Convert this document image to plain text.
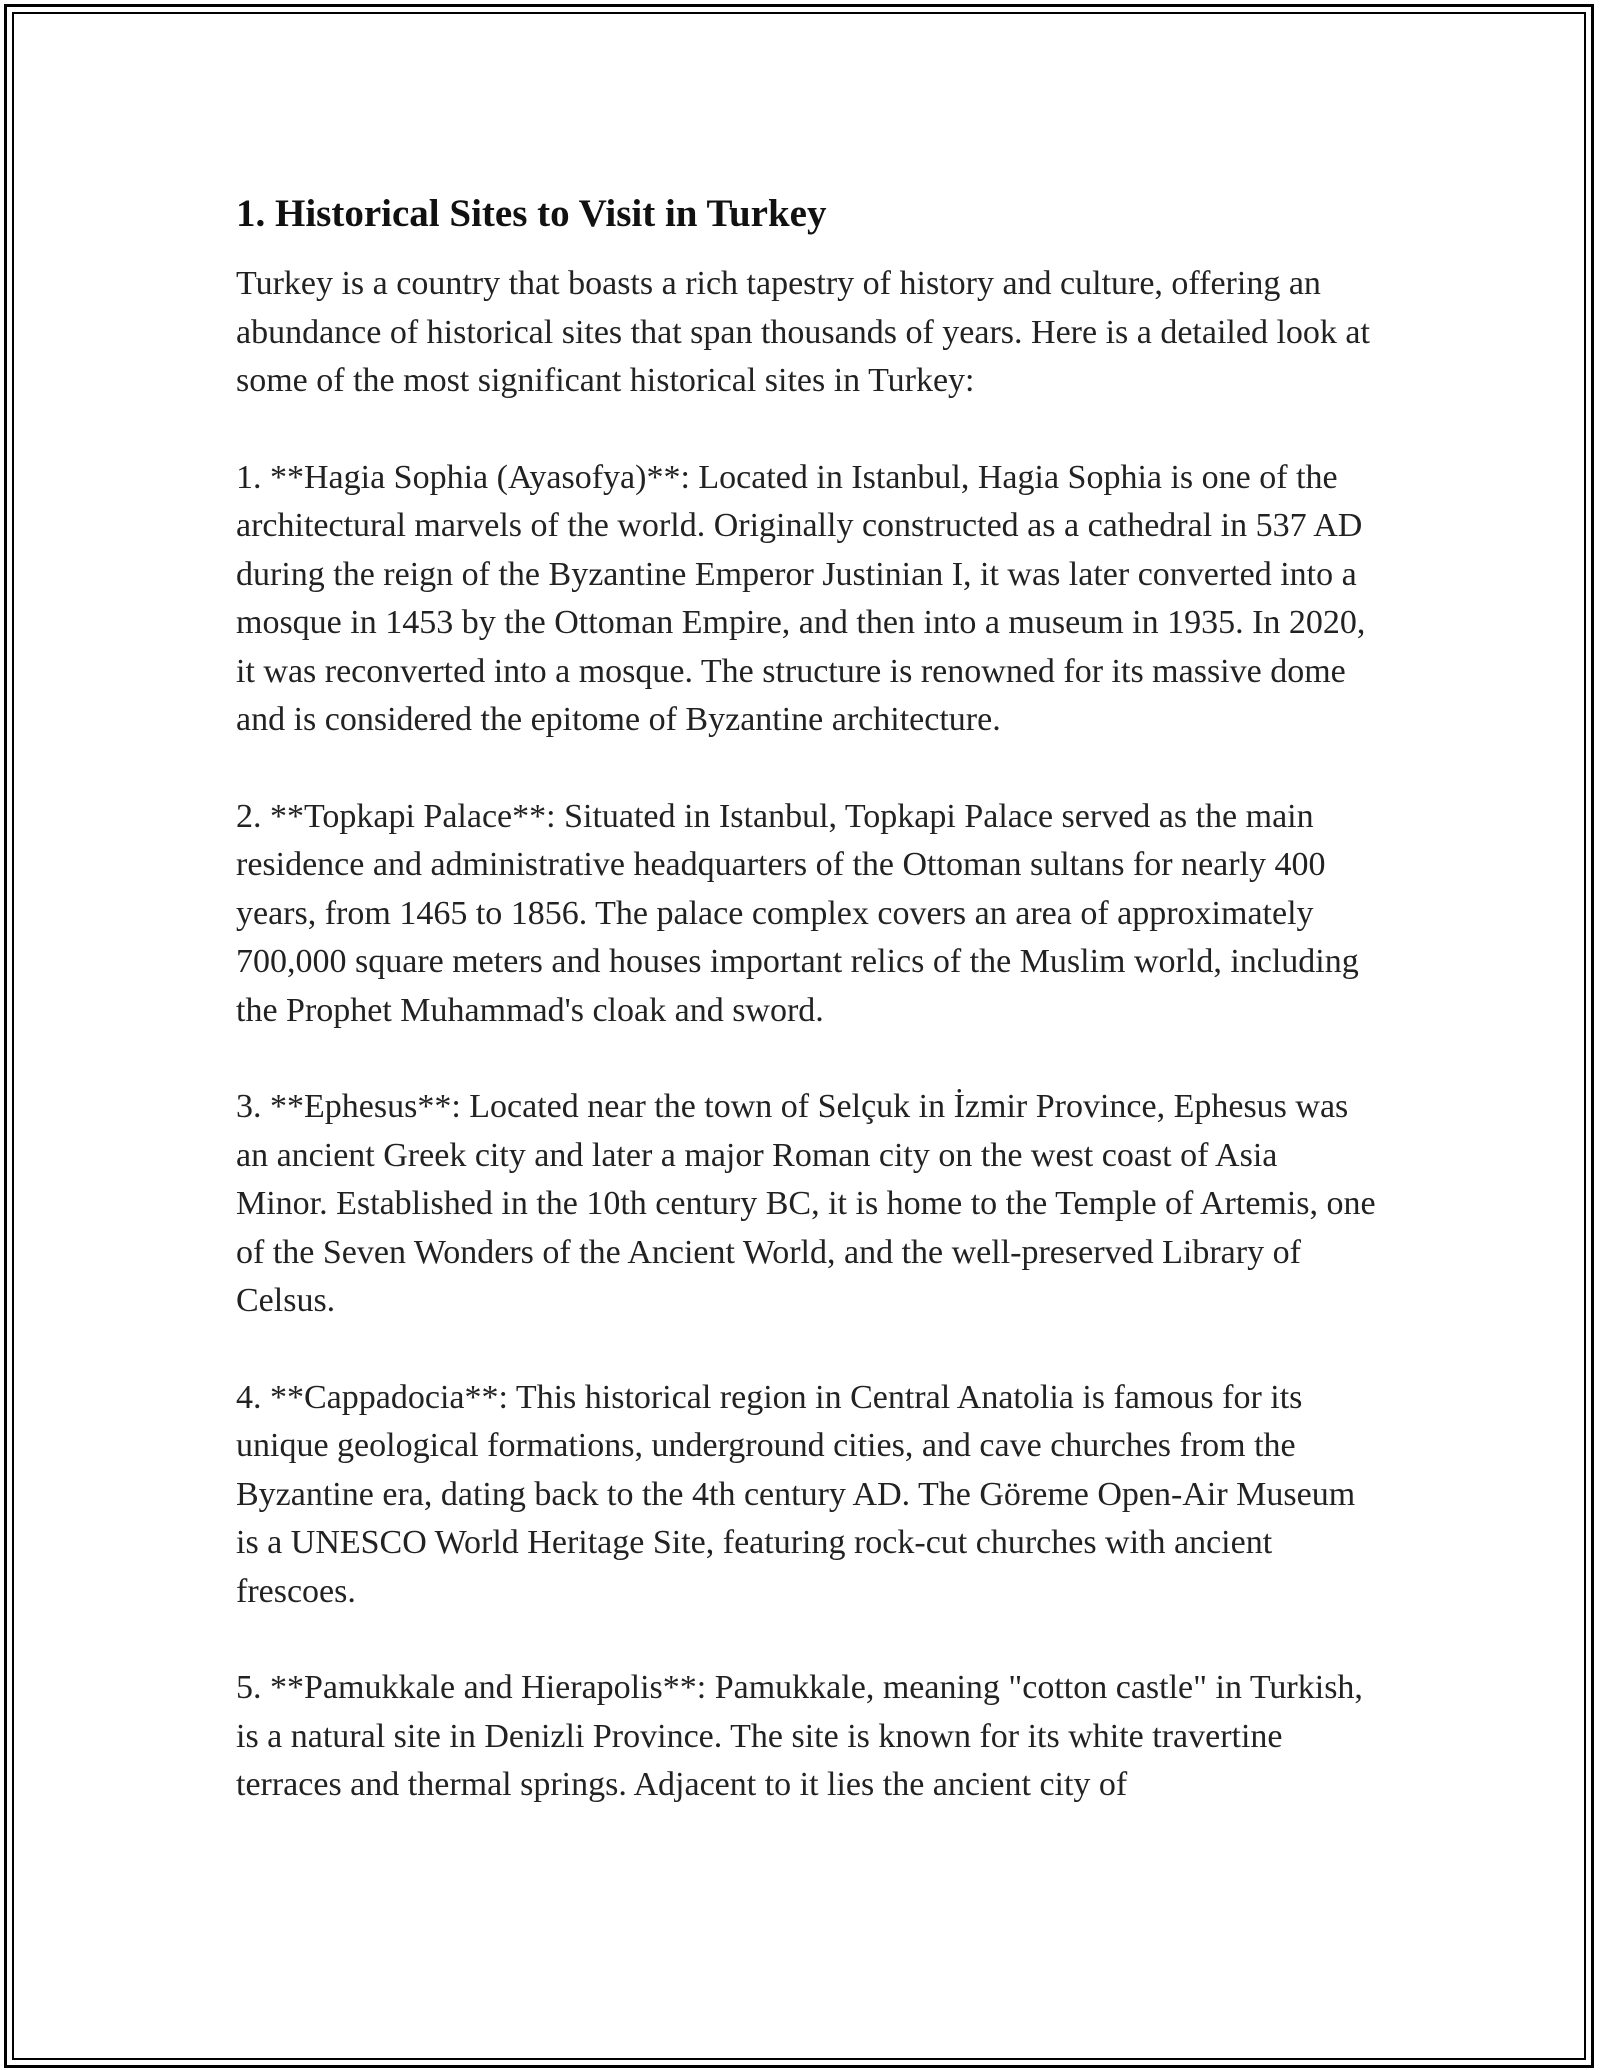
1. Historical Sites to Visit in Turkey

Turkey is a country that boasts a rich tapestry of history and culture, offering an abundance of historical sites that span thousands of years. Here is a detailed look at some of the most significant historical sites in Turkey:

1. **Hagia Sophia (Ayasofya)**: Located in Istanbul, Hagia Sophia is one of the architectural marvels of the world. Originally constructed as a cathedral in 537 AD during the reign of the Byzantine Emperor Justinian I, it was later converted into a mosque in 1453 by the Ottoman Empire, and then into a museum in 1935. In 2020, it was reconverted into a mosque. The structure is renowned for its massive dome and is considered the epitome of Byzantine architecture.

2. **Topkapi Palace**: Situated in Istanbul, Topkapi Palace served as the main residence and administrative headquarters of the Ottoman sultans for nearly 400 years, from 1465 to 1856. The palace complex covers an area of approximately 700,000 square meters and houses important relics of the Muslim world, including the Prophet Muhammad's cloak and sword.

3. **Ephesus**: Located near the town of Selçuk in İzmir Province, Ephesus was an ancient Greek city and later a major Roman city on the west coast of Asia Minor. Established in the 10th century BC, it is home to the Temple of Artemis, one of the Seven Wonders of the Ancient World, and the well-preserved Library of Celsus.

4. **Cappadocia**: This historical region in Central Anatolia is famous for its unique geological formations, underground cities, and cave churches from the Byzantine era, dating back to the 4th century AD. The Göreme Open-Air Museum is a UNESCO World Heritage Site, featuring rock-cut churches with ancient frescoes.

5. **Pamukkale and Hierapolis**: Pamukkale, meaning "cotton castle" in Turkish, is a natural site in Denizli Province. The site is known for its white travertine terraces and thermal springs. Adjacent to it lies the ancient city of
